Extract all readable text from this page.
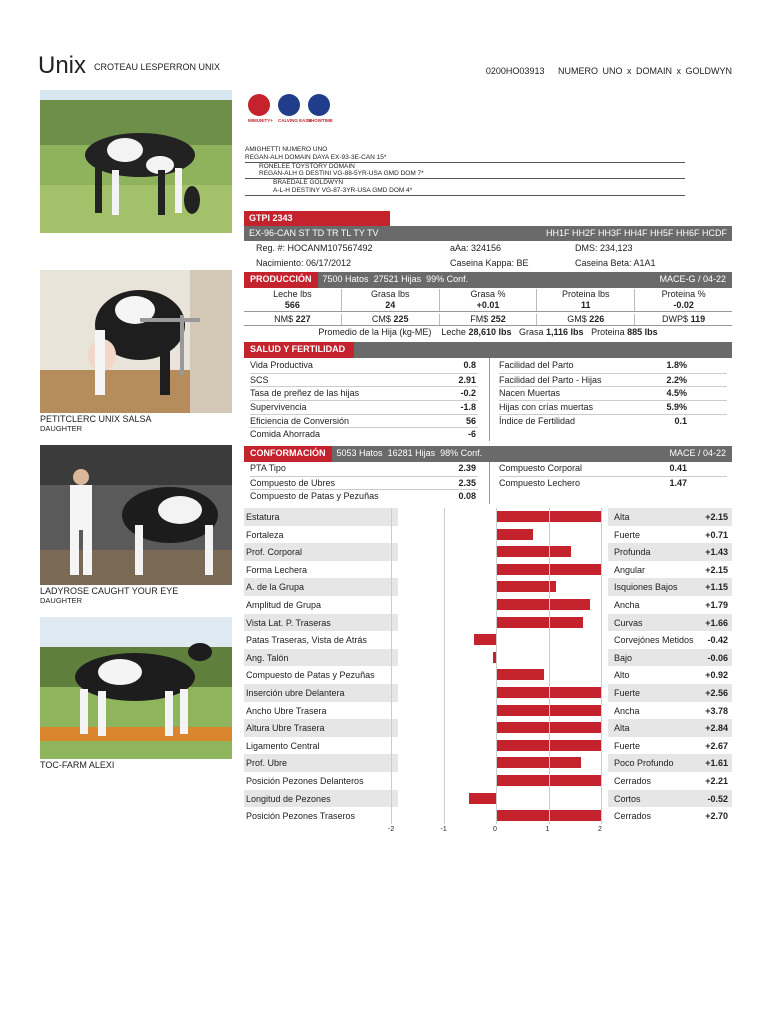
Unix CROTEAU LESPERRON UNIX	0200HO03913 NUMERO UNO x DOMAIN x GOLDWYN
PETITCLERC UNIX SALSA
DAUGHTER
LADYROSE CAUGHT YOUR EYE
DAUGHTER
TOC-FARM ALEXI
IMMUNITY+ CALVING EASE
SHOWTIME
AMIGHETTI NUMERO UNO
REGAN-ALH DOMAIN DAYA EX-93-3E-CAN 15*
RONELEE TOYSTORY DOMAIN
REGAN-ALH G DESTINI VG-88-5YR-USA GMD DOM 7*
BRAEDALE GOLDWYN
A-L-H DESTINY VG-87-3YR-USA GMD DOM 4*
GTPI 2343
EX-96-CAN ST TD TR TL TY TV	HH1F HH2F HH3F HH4F HH5F HH6F HCDF
Reg. #: HOCANM107567492	aAa: 324156	DMS: 234,123
Nacimiento: 06/17/2012	Caseina Kappa: BE	Caseina Beta: A1A1
PRODUCCIÓN 7500 Hatos 27521 Hijas 99% Conf.	MACE-G / 04-22
Leche lbs	Grasa lbs	Grasa %	Proteina lbs	Proteina %
566	24	+0.01	11	-0.02
NM$ 227	CM$ 225	FM$ 252	GM$ 226	DWP$ 119
Promedio de la Hija (kg-ME) Leche 28,610 lbs Grasa 1,116 lbs Proteina 885 lbs
SALUD Y FERTILIDAD
Vida Productiva	0.8
SCS	2.91
Tasa de preñez de las hijas	-0.2
Supervivencia	-1.8
Eficiencia de Conversión	56
Comida Ahorrada	-6
Facilidad del Parto	1.8%
Facilidad del Parto - Hijas	2.2%
Nacen Muertas	4.5%
Hijas con crías muertas	5.9%
Índice de Fertilidad	0.1
CONFORMACIÓN 5053 Hatos 16281 Hijas 98% Conf.	MACE / 04-22
PTA Tipo	2.39
Compuesto de Ubres	2.35
Compuesto de Patas y Pezuñas	0.08
Compuesto Corporal	0.41
Compuesto Lechero	1.47
Estatura	Alta	+2.15
Fortaleza	Fuerte	+0.71
Prof. Corporal	Profunda	+1.43
Forma Lechera	Angular	+2.15
A. de la Grupa	Isquiones Bajos	+1.15
Amplitud de Grupa	Ancha	+1.79
Vista Lat. P. Traseras	Curvas	+1.66
Patas Traseras, Vista de Atrás	Corvejónes Metidos -0.42
Ang. Talón	Bajo	-0.06
Compuesto de Patas y Pezuñas	Alto	+0.92
Inserción ubre Delantera	Fuerte	+2.56
Ancho Ubre Trasera	Ancha	+3.78
Altura Ubre Trasera	Alta	+2.84
Ligamento Central	Fuerte	+2.67
Prof. Ubre	Poco Profundo	+1.61
Posición Pezones Delanteros	Cerrados	+2.21
Longitud de Pezones	Cortos	-0.52
Posición Pezones Traseros	Cerrados	+2.70
-2	-1	0	1	2
